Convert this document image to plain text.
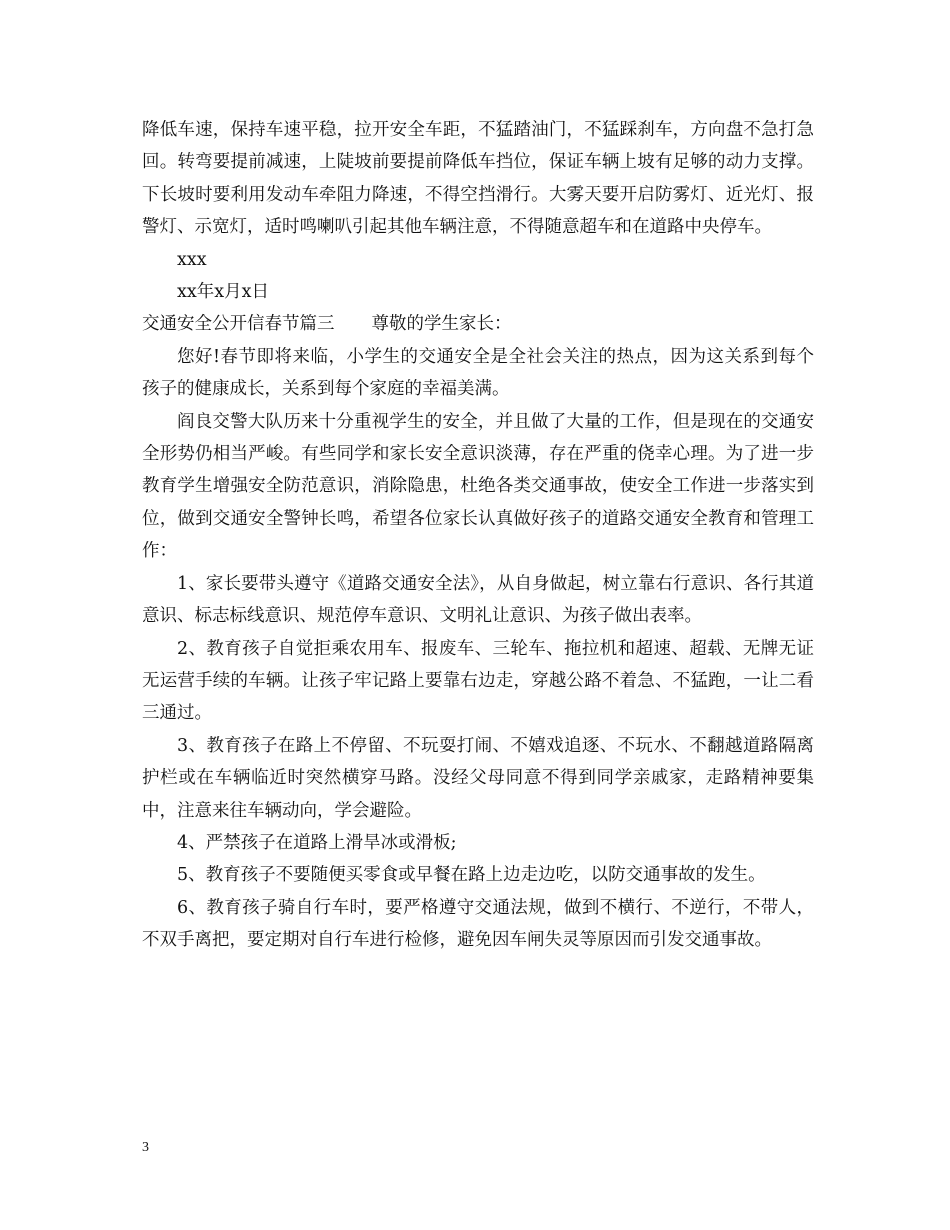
降低车速，保持车速平稳，拉开安全车距，不猛踏油门，不猛踩刹车，方向盘不急打急回。转弯要提前减速，上陡坡前要提前降低车挡位，保证车辆上坡有足够的动力支撑。下长坡时要利用发动车牵阻力降速，不得空挡滑行。大雾天要开启防雾灯、近光灯、报警灯、示宽灯，适时鸣喇叭引起其他车辆注意，不得随意超车和在道路中央停车。

xxx

xx年x月x日

交通安全公开信春节篇三 尊敬的学生家长：

您好!春节即将来临，小学生的交通安全是全社会关注的热点，因为这关系到每个孩子的健康成长，关系到每个家庭的幸福美满。

阎良交警大队历来十分重视学生的安全，并且做了大量的工作，但是现在的交通安全形势仍相当严峻。有些同学和家长安全意识淡薄，存在严重的侥幸心理。为了进一步教育学生增强安全防范意识，消除隐患，杜绝各类交通事故，使安全工作进一步落实到位，做到交通安全警钟长鸣，希望各位家长认真做好孩子的道路交通安全教育和管理工作：

1、家长要带头遵守《道路交通安全法》，从自身做起，树立靠右行意识、各行其道意识、标志标线意识、规范停车意识、文明礼让意识、为孩子做出表率。

2、教育孩子自觉拒乘农用车、报废车、三轮车、拖拉机和超速、超载、无牌无证无运营手续的车辆。让孩子牢记路上要靠右边走，穿越公路不着急、不猛跑，一让二看三通过。

3、教育孩子在路上不停留、不玩耍打闹、不嬉戏追逐、不玩水、不翻越道路隔离护栏或在车辆临近时突然横穿马路。没经父母同意不得到同学亲戚家，走路精神要集中，注意来往车辆动向，学会避险。

4、严禁孩子在道路上滑旱冰或滑板;

5、教育孩子不要随便买零食或早餐在路上边走边吃，以防交通事故的发生。

6、教育孩子骑自行车时，要严格遵守交通法规，做到不横行、不逆行，不带人，不双手离把，要定期对自行车进行检修，避免因车闸失灵等原因而引发交通事故。

3
